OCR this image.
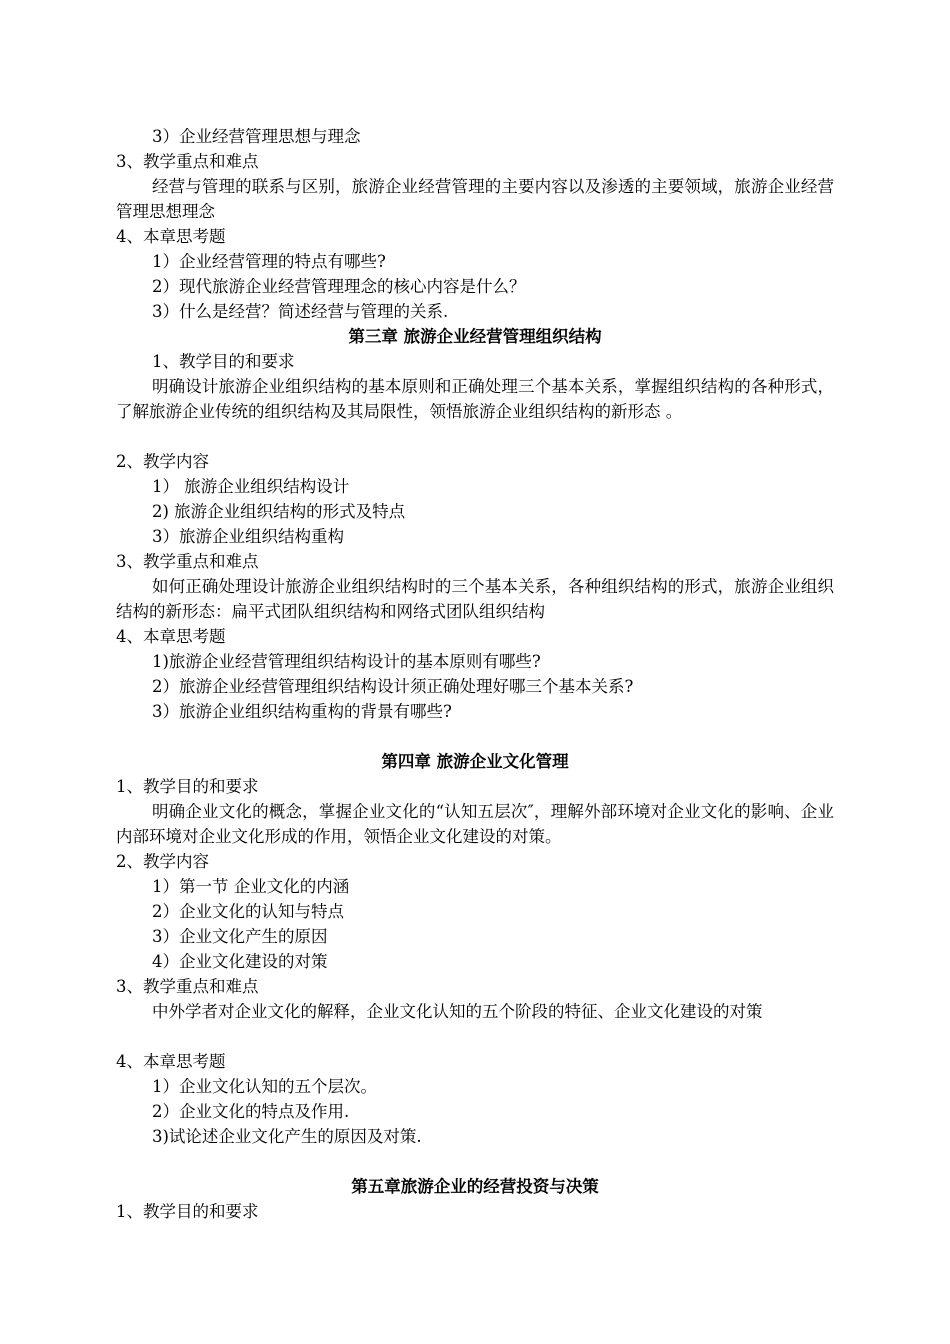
3）企业经营管理思想与理念
3、教学重点和难点
经营与管理的联系与区别，旅游企业经营管理的主要内容以及渗透的主要领域，旅游企业经营管理思想理念
4、本章思考题
1）企业经营管理的特点有哪些?
2）现代旅游企业经营管理理念的核心内容是什么？
3）什么是经营？简述经营与管理的关系.
第三章 旅游企业经营管理组织结构
1、教学目的和要求
明确设计旅游企业组织结构的基本原则和正确处理三个基本关系，掌握组织结构的各种形式，了解旅游企业传统的组织结构及其局限性，领悟旅游企业组织结构的新形态 。
2、教学内容
1） 旅游企业组织结构设计
2) 旅游企业组织结构的形式及特点
3）旅游企业组织结构重构
3、教学重点和难点
如何正确处理设计旅游企业组织结构时的三个基本关系，各种组织结构的形式，旅游企业组织结构的新形态：扁平式团队组织结构和网络式团队组织结构
4、本章思考题
1)旅游企业经营管理组织结构设计的基本原则有哪些?
2）旅游企业经营管理组织结构设计须正确处理好哪三个基本关系?
3）旅游企业组织结构重构的背景有哪些?
第四章 旅游企业文化管理
1、教学目的和要求
明确企业文化的概念，掌握企业文化的“认知五层次″，理解外部环境对企业文化的影响、企业内部环境对企业文化形成的作用，领悟企业文化建设的对策。
2、教学内容
1）第一节 企业文化的内涵
2）企业文化的认知与特点
3）企业文化产生的原因
4）企业文化建设的对策
3、教学重点和难点
中外学者对企业文化的解释，企业文化认知的五个阶段的特征、企业文化建设的对策
4、本章思考题
1）企业文化认知的五个层次。
2）企业文化的特点及作用.
3)试论述企业文化产生的原因及对策.
第五章旅游企业的经营投资与决策
1、教学目的和要求
